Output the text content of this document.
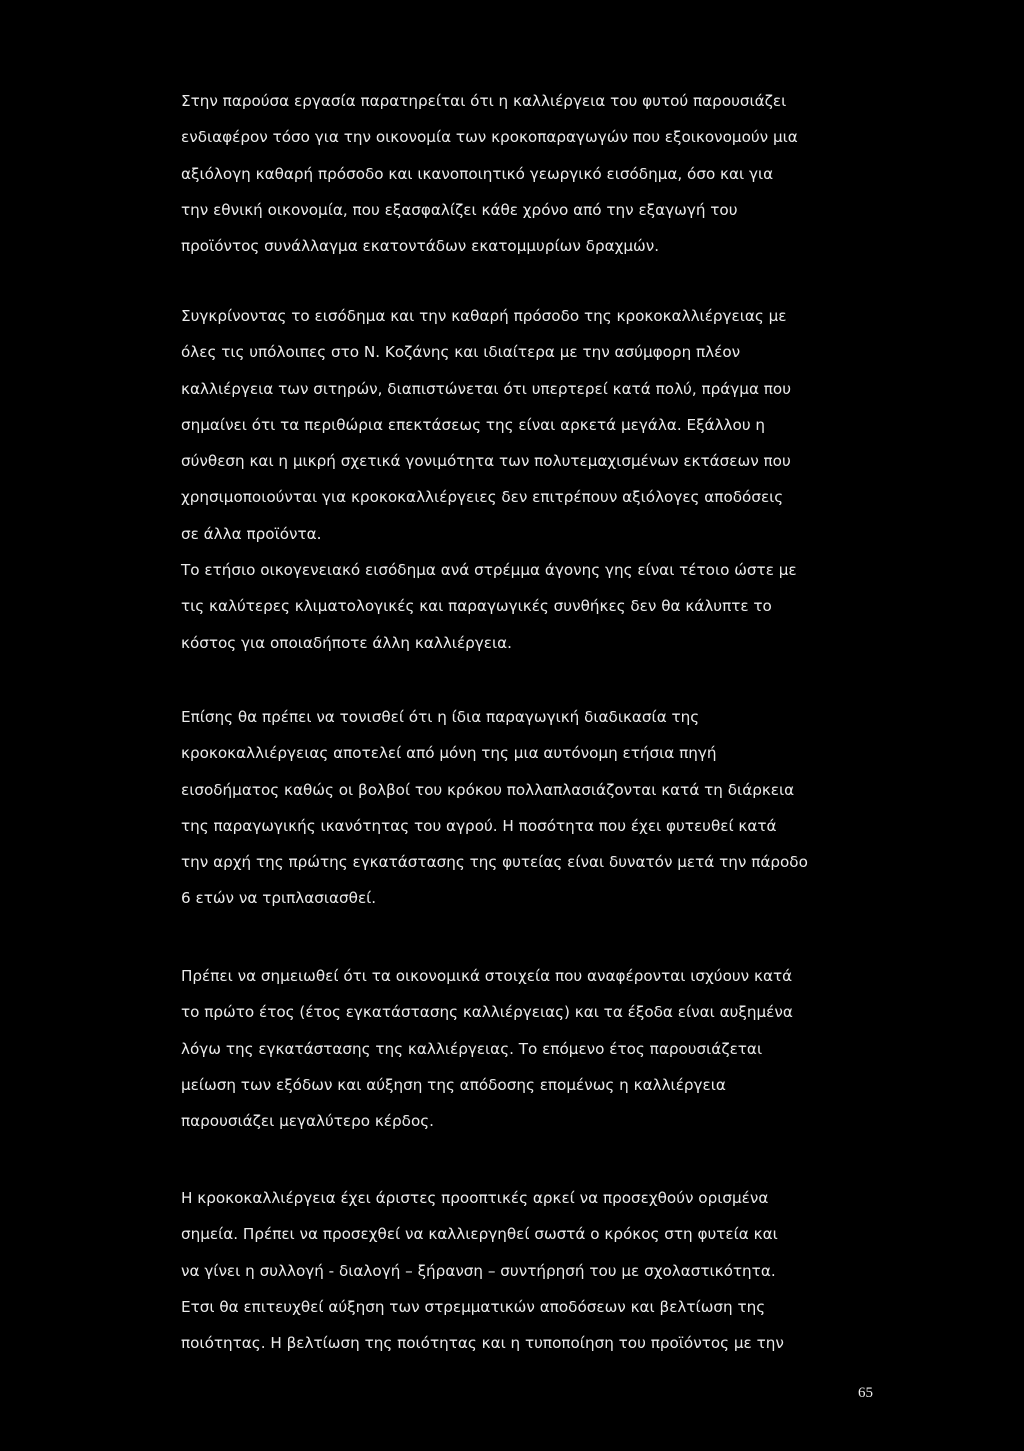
Στην παρούσα εργασία παρατηρείται ότι η καλλιέργεια του φυτού παρουσιάζει
ενδιαφέρον τόσο για την οικονομία των κροκοπαραγωγών που εξοικονομούν μια
αξιόλογη καθαρή πρόσοδο και ικανοποιητικό γεωργικό εισόδημα, όσο και για
την εθνική οικονομία, που εξασφαλίζει κάθε χρόνο από την εξαγωγή του
προϊόντος συνάλλαγμα εκατοντάδων εκατομμυρίων δραχμών.
Συγκρίνοντας το εισόδημα και την καθαρή πρόσοδο της κροκοκαλλιέργειας με
όλες τις υπόλοιπες στο Ν. Κοζάνης και ιδιαίτερα με την ασύμφορη πλέον
καλλιέργεια των σιτηρών, διαπιστώνεται ότι υπερτερεί κατά πολύ, πράγμα που
σημαίνει ότι τα περιθώρια επεκτάσεως της είναι αρκετά μεγάλα. Εξάλλου η
σύνθεση και η μικρή σχετικά γονιμότητα των πολυτεμαχισμένων εκτάσεων που
χρησιμοποιούνται για κροκοκαλλιέργειες δεν επιτρέπουν αξιόλογες αποδόσεις
σε άλλα προϊόντα.
Το ετήσιο οικογενειακό εισόδημα ανά στρέμμα άγονης γης είναι τέτοιο ώστε με
τις καλύτερες κλιματολογικές και παραγωγικές συνθήκες δεν θα κάλυπτε το
κόστος για οποιαδήποτε άλλη καλλιέργεια.
Επίσης θα πρέπει να τονισθεί ότι η ίδια παραγωγική διαδικασία της
κροκοκαλλιέργειας αποτελεί από μόνη της μια αυτόνομη ετήσια πηγή
εισοδήματος καθώς οι βολβοί του κρόκου πολλαπλασιάζονται κατά τη διάρκεια
της παραγωγικής ικανότητας του αγρού. Η ποσότητα που έχει φυτευθεί κατά
την αρχή της πρώτης εγκατάστασης της φυτείας είναι δυνατόν μετά την πάροδο
6 ετών να τριπλασιασθεί.
Πρέπει να σημειωθεί ότι τα οικονομικά στοιχεία που αναφέρονται ισχύουν κατά
το πρώτο έτος (έτος εγκατάστασης καλλιέργειας) και τα έξοδα είναι αυξημένα
λόγω της εγκατάστασης της καλλιέργειας. Το επόμενο έτος παρουσιάζεται
μείωση των εξόδων και αύξηση της απόδοσης επομένως η καλλιέργεια
παρουσιάζει μεγαλύτερο κέρδος.
Η κροκοκαλλιέργεια έχει άριστες προοπτικές αρκεί να προσεχθούν ορισμένα
σημεία. Πρέπει να προσεχθεί να καλλιεργηθεί σωστά ο κρόκος στη φυτεία και
να γίνει η συλλογή - διαλογή – ξήρανση – συντήρησή του με σχολαστικότητα.
Ετσι θα επιτευχθεί αύξηση των στρεμματικών αποδόσεων και βελτίωση της
ποιότητας. Η βελτίωση της ποιότητας και η τυποποίηση του προϊόντος με την
65
